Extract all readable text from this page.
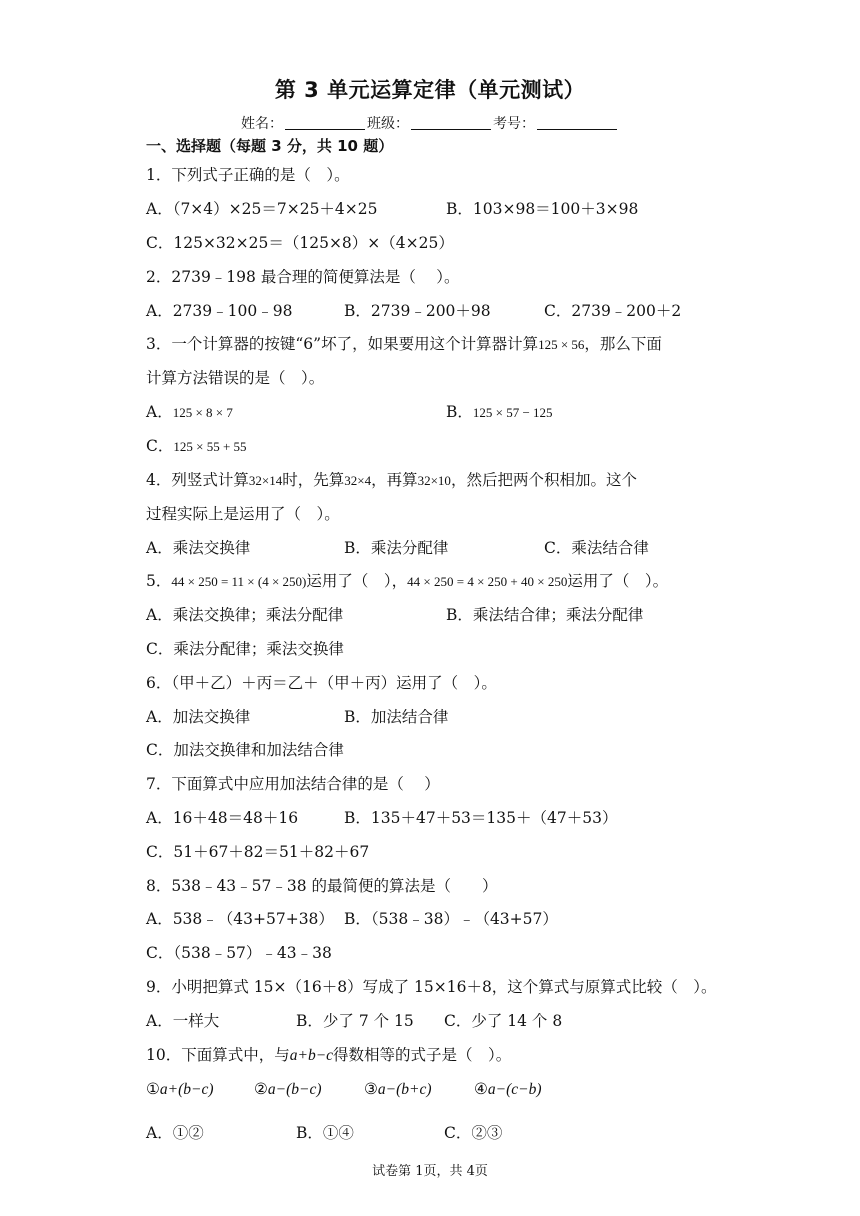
第 3 单元运算定律（单元测试）
姓名：	班级：	考号：
一、选择题（每题 3 分，共 10 题）
1．下列式子正确的是（　）。
A．（7×4）×25＝7×25＋4×25	B．103×98＝100＋3×98
C．125×32×25＝（125×8）×（4×25）
2．2739﹣198 最合理的简便算法是（　 ）。
A．2739﹣100﹣98	B．2739﹣200＋98	C．2739﹣200＋2
3．一个计算器的按键“6”坏了，如果要用这个计算器计算125 × 56，那么下面
计算方法错误的是（　）。
A．125 × 8 × 7	B．125 × 57 − 125
C．125 × 55 + 55
4．列竖式计算32×14时，先算32×4，再算32×10，然后把两个积相加。这个
过程实际上是运用了（　）。
A．乘法交换律	B．乘法分配律	C．乘法结合律
5．44 × 250 = 11 × (4 × 250)运用了（　），44 × 250 = 4 × 250 + 40 × 250运用了（　）。
A．乘法交换律；乘法分配律	B．乘法结合律；乘法分配律
C．乘法分配律；乘法交换律
6．（甲＋乙）＋丙＝乙＋（甲＋丙）运用了（　）。
A．加法交换律	B．加法结合律
C．加法交换律和加法结合律
7．下面算式中应用加法结合律的是（　 ）
A．16＋48＝48＋16	B．135＋47＋53＝135＋（47＋53）
C．51＋67＋82＝51＋82＋67
8．538﹣43﹣57﹣38 的最简便的算法是（　　）
A．538﹣（43+57+38） B．（538﹣38）﹣（43+57）
C．（538﹣57）﹣43﹣38
9．小明把算式 15×（16＋8）写成了 15×16＋8，这个算式与原算式比较（　）。
A．一样大	B．少了 7 个 15 C．少了 14 个 8
10．下面算式中，与a+b−c得数相等的式子是（　）。
①a+(b−c)	②a−(b−c)	③a−(b+c)	④a−(c−b)
A．①②	B．①④	C．②③
试卷第 1页，共 4页
